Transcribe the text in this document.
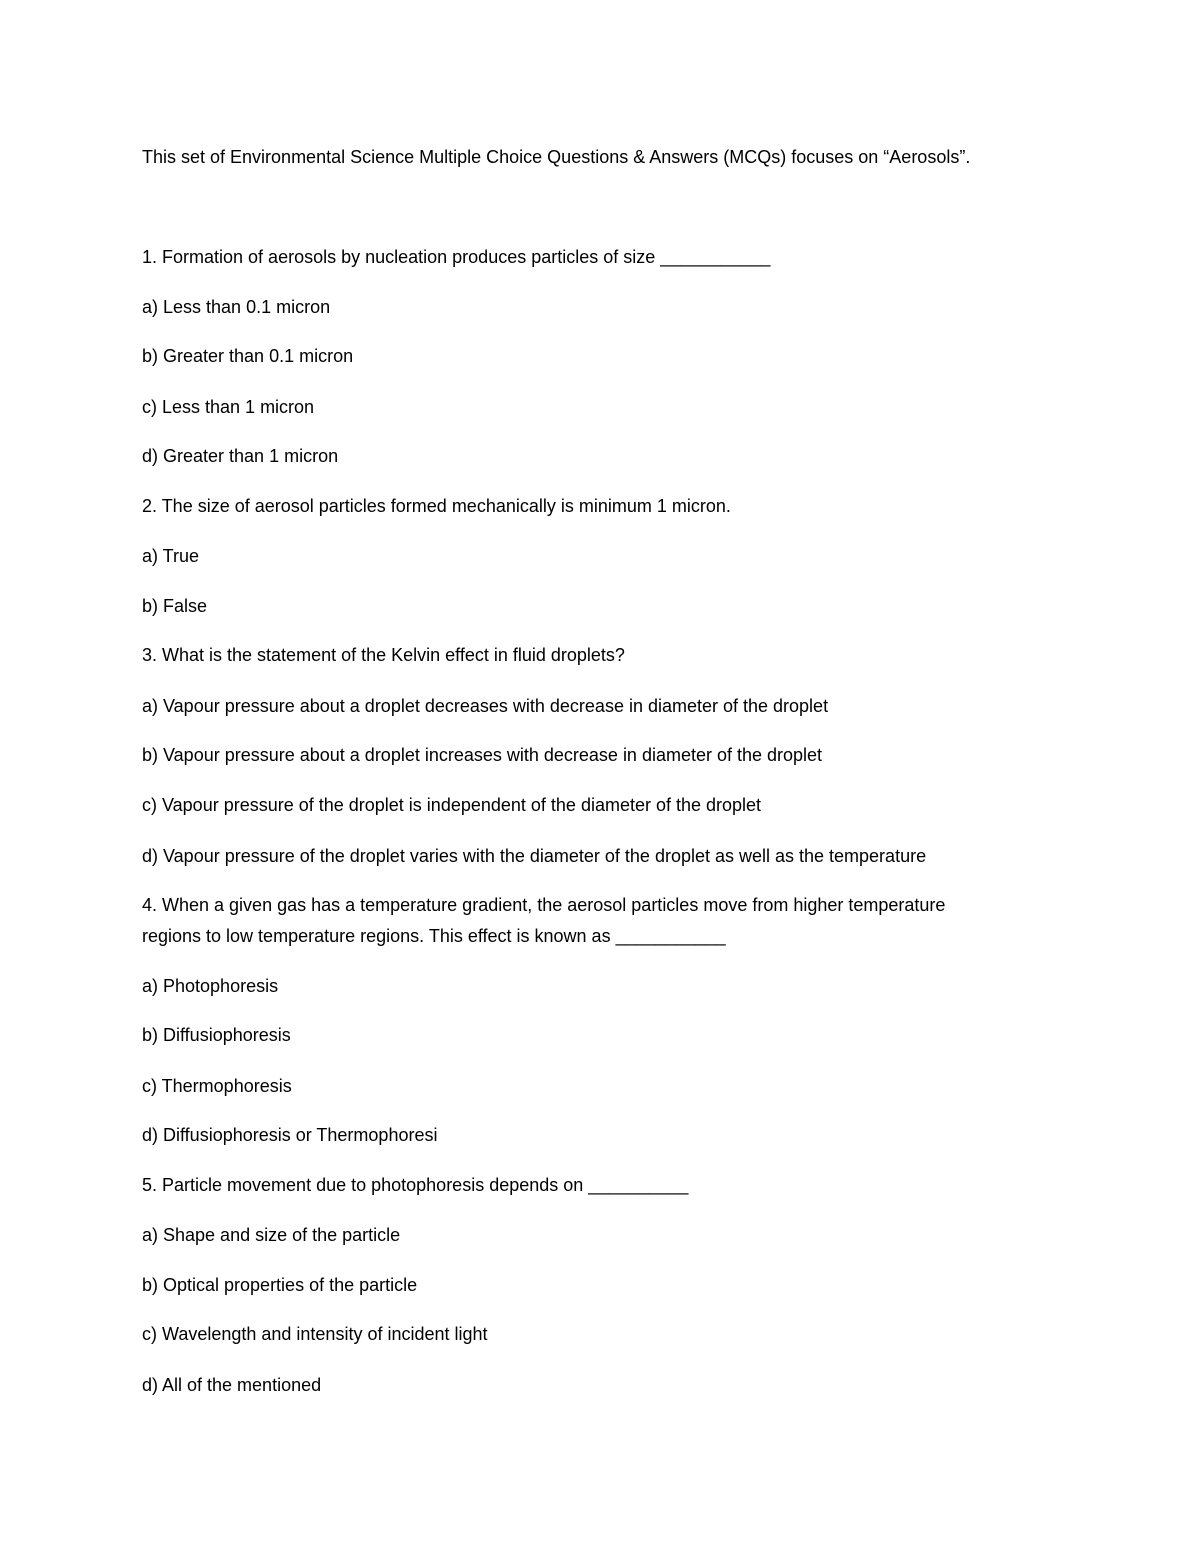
This set of Environmental Science Multiple Choice Questions & Answers (MCQs) focuses on “Aerosols”.

1. Formation of aerosols by nucleation produces particles of size ___________

a) Less than 0.1 micron

b) Greater than 0.1 micron

c) Less than 1 micron

d) Greater than 1 micron

2. The size of aerosol particles formed mechanically is minimum 1 micron.

a) True

b) False

3. What is the statement of the Kelvin effect in fluid droplets?

a) Vapour pressure about a droplet decreases with decrease in diameter of the droplet

b) Vapour pressure about a droplet increases with decrease in diameter of the droplet

c) Vapour pressure of the droplet is independent of the diameter of the droplet

d) Vapour pressure of the droplet varies with the diameter of the droplet as well as the temperature

4. When a given gas has a temperature gradient, the aerosol particles move from higher temperature

regions to low temperature regions. This effect is known as ___________

a) Photophoresis

b) Diffusiophoresis

c) Thermophoresis

d) Diffusiophoresis or Thermophoresi

5. Particle movement due to photophoresis depends on __________

a) Shape and size of the particle

b) Optical properties of the particle

c) Wavelength and intensity of incident light

d) All of the mentioned
